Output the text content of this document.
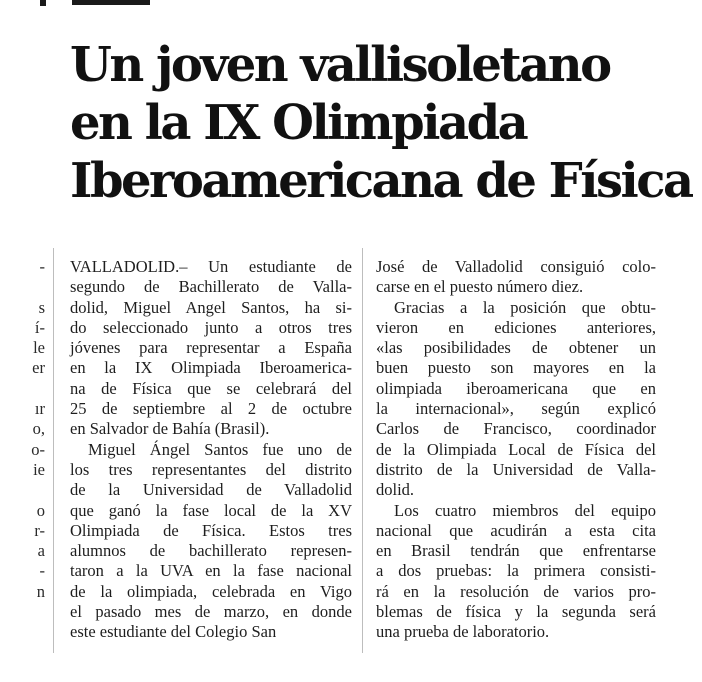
Un joven vallisoletano
en la IX Olimpiada
Iberoamericana de Física
-
s
í-
le
er
ır
o,
o-
ie
o
r-
a
-
n
VALLADOLID.– Un estudiante de
segundo de Bachillerato de Valla-
dolid, Miguel Angel Santos, ha si-
do seleccionado junto a otros tres
jóvenes para representar a España
en la IX Olimpiada Iberoamerica-
na de Física que se celebrará del
25 de septiembre al 2 de octubre
en Salvador de Bahía (Brasil).
Miguel Ángel Santos fue uno de
los tres representantes del distrito
de la Universidad de Valladolid
que ganó la fase local de la XV
Olimpiada de Física. Estos tres
alumnos de bachillerato represen-
taron a la UVA en la fase nacional
de la olimpiada, celebrada en Vigo
el pasado mes de marzo, en donde
este estudiante del Colegio San
José de Valladolid consiguió colo-
carse en el puesto número diez.
Gracias a la posición que obtu-
vieron en ediciones anteriores,
«las posibilidades de obtener un
buen puesto son mayores en la
olimpiada iberoamericana que en
la internacional», según explicó
Carlos de Francisco, coordinador
de la Olimpiada Local de Física del
distrito de la Universidad de Valla-
dolid.
Los cuatro miembros del equipo
nacional que acudirán a esta cita
en Brasil tendrán que enfrentarse
a dos pruebas: la primera consisti-
rá en la resolución de varios pro-
blemas de física y la segunda será
una prueba de laboratorio.
